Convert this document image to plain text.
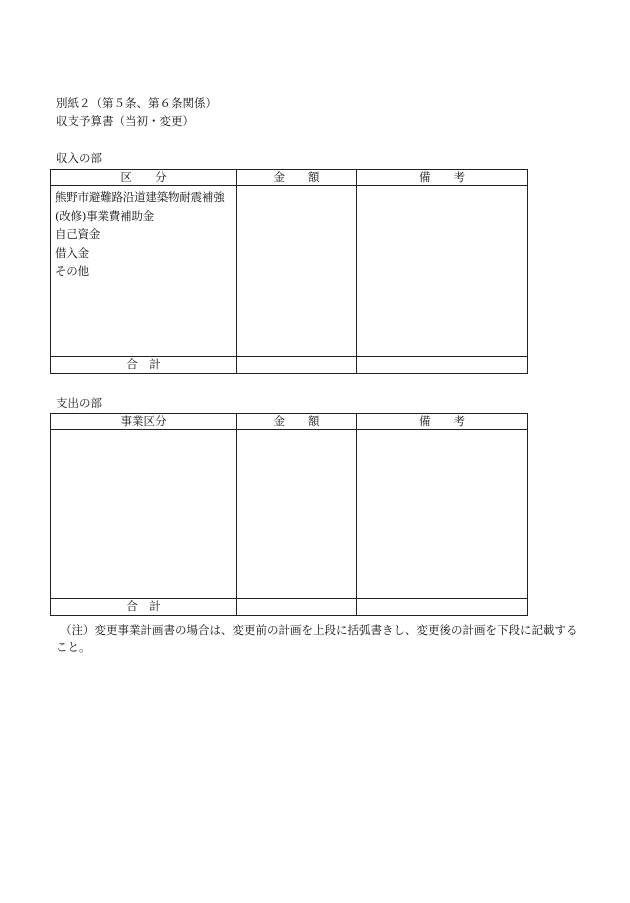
別紙２（第５条、第６条関係）
収支予算書（当初・変更）
収入の部
区　　分	金　　額	備　　考

熊野市避難路沿道建築物耐震補強
(改修)事業費補助金
自己資金
借入金
その他		

合　計		
支出の部
事業区分	金　　額	備　　考

合　計		
（注）変更事業計画書の場合は、変更前の計画を上段に括弧書きし、変更後の計画を下段に記載する
こと。
